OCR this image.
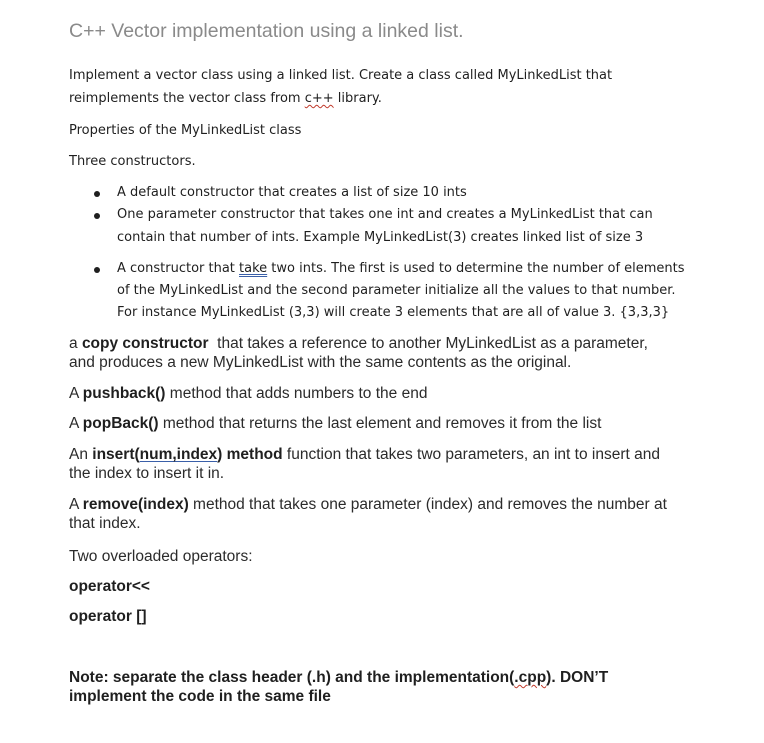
C++ Vector implementation using a linked list.
Implement a vector class using a linked list. Create a class called MyLinkedList that
reimplements the vector class from c++ library.
Properties of the MyLinkedList class
Three constructors.
A default constructor that creates a list of size 10 ints
One parameter constructor that takes one int and creates a MyLinkedList that can
contain that number of ints. Example MyLinkedList(3) creates linked list of size 3
A constructor that take two ints. The first is used to determine the number of elements
of the MyLinkedList and the second parameter initialize all the values to that number.
For instance MyLinkedList (3,3) will create 3 elements that are all of value 3. {3,3,3}
a copy constructor  that takes a reference to another MyLinkedList as a parameter,
and produces a new MyLinkedList with the same contents as the original.
A pushback() method that adds numbers to the end
A popBack() method that returns the last element and removes it from the list
An insert(num,index) method function that takes two parameters, an int to insert and
the index to insert it in.
A remove(index) method that takes one parameter (index) and removes the number at
that index.
Two overloaded operators:
operator<<
operator []
Note: separate the class header (.h) and the implementation(.cpp). DON’T
implement the code in the same file
